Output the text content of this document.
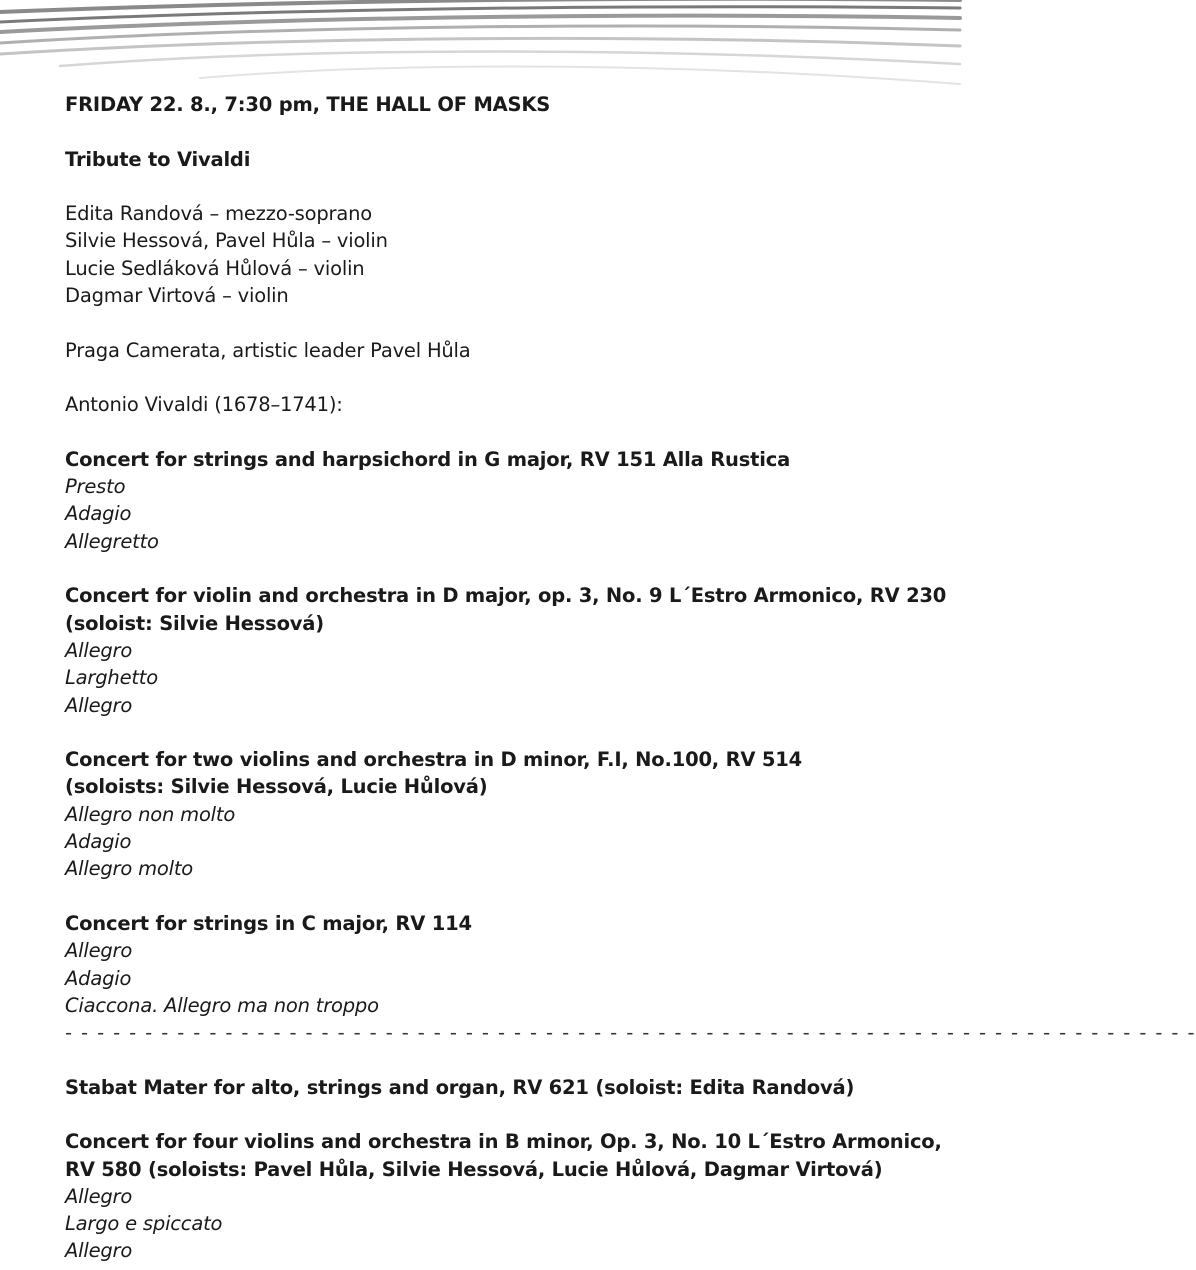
FRIDAY 22. 8., 7:30 pm, THE HALL OF MASKS
Tribute to Vivaldi
Edita Randová – mezzo-soprano
Silvie Hessová, Pavel Hůla – violin
Lucie Sedláková Hůlová – violin
Dagmar Virtová – violin
Praga Camerata, artistic leader Pavel Hůla
Antonio Vivaldi (1678–1741):
Concert for strings and harpsichord in G major, RV 151 Alla Rustica
Presto
Adagio
Allegretto
Concert for violin and orchestra in D major, op. 3, No. 9 L´Estro Armonico, RV 230
(soloist: Silvie Hessová)
Allegro
Larghetto
Allegro
Concert for two violins and orchestra in D minor, F.I, No.100, RV 514
(soloists: Silvie Hessová, Lucie Hůlová)
Allegro non molto
Adagio
Allegro molto
Concert for strings in C major, RV 114
Allegro
Adagio
Ciaccona. Allegro ma non troppo
- - - - - - - - - - - - - - - - - - - - - - - - - - - - - - - - - - - - - - - - - - - - - - - - - - - - - - - - - - - - - - - - - - - - - - -
Stabat Mater for alto, strings and organ, RV 621 (soloist: Edita Randová)
Concert for four violins and orchestra in B minor, Op. 3, No. 10 L´Estro Armonico,
RV 580 (soloists: Pavel Hůla, Silvie Hessová, Lucie Hůlová, Dagmar Virtová)
Allegro
Largo e spiccato
Allegro
